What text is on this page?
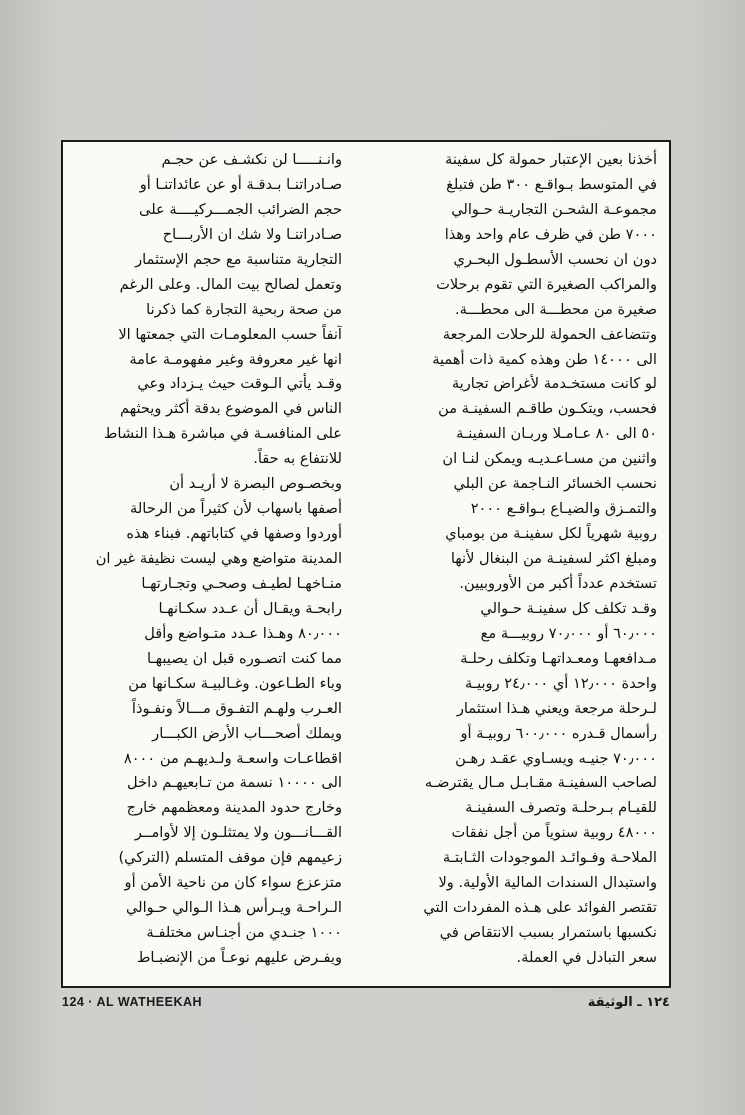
أخذنا بعين الإعتبار حمولة كل سفينة
في المتوسط بـواقـع ٣٠٠ طن فتبلغ
مجموعـة الشحـن التجاريـة حـوالي
٧٠٠٠ طن في ظرف عام واحد وهذا
دون ان نحسب الأسطـول البحـري
والمراكب الصغيرة التي تقوم برحلات
صغيرة من محطـــة الى محطـــة.
وتتضاعف الحمولة للرحلات المرجعة
الى ١٤٠٠٠ طن وهذه كمية ذات أهمية
لو كانت مستخـدمة لأغراض تجارية
فحسب، ويتكـون طاقـم السفينـة من
٥٠ الى ٨٠ عـامـلا وربـان السفينـة
واثنين من مسـاعـديـه ويمكن لنـا ان
نحسب الخسائر النـاجمة عن البلي
والتمـزق والضيـاع بـواقـع ٢٠٠٠
روبية شهرياً لكل سفينـة من بومباي
ومبلغ اكثر لسفينـة من البنغال لأنها
تستخدم عدداً أكبر من الأوروبيين.
وقـد تكلف كل سفينـة حـوالي
٦٠٫٠٠٠ أو ٧٠٫٠٠٠ روبيـــة مع
مـدافعهـا ومعـداتهـا وتكلف رحلـة
واحدة ١٢٫٠٠٠ أي ٢٤٫٠٠٠ روبيـة
لـرحلة مرجعة ويعني هـذا استثمار
رأسمال قـدره ٦٠٠٫٠٠٠ روبيـة أو
٧٠٫٠٠٠ جنيـه ويسـاوي عقـد رهـن
لصاحب السفينـة مقـابـل مـال يقترضـه
للقيـام بـرحلـة وتصرف السفينـة
٤٨٠٠٠ روبية سنوياً من أجل نفقات
الملاحـة وفـوائـد الموجودات الثـابتـة
واستبدال السندات المالية الأولية. ولا
تقتصر الفوائد على هـذه المفردات التي
نكسبها باستمرار بسبب الانتقاص في
سعر التبادل في العملة.
وانـنـــــا لن نكشـف عن حجـم
صـادراتنـا بـدقـة أو عن عائداتنـا أو
حجم الضرائب الجمـــركيــــة على
صـادراتنـا ولا شك ان الأربـــاح
التجارية متناسبة مع حجم الإستثمار
وتعمل لصالح بيت المال. وعلى الرغم
من صحة ربحية التجارة كما ذكرنا
آنفاً حسب المعلومـات التي جمعتها الا
انها غير معروفة وغير مفهومـة عامة
وقـد يأتي الـوقت حيث يـزداد وعي
الناس في الموضوع بدقة أكثر ويحثهم
على المنافسـة في مباشرة هـذا النشاط
للانتفاع به حقاً.
وبخصـوص البصرة لا أريـد أن
أصفها باسهاب لأن كثيراً من الرحالة
أوردوا وصفها في كتاباتهم. فبناء هذه
المدينة متواضع وهي ليست نظيفة غير ان
منـاخهـا لطيـف وصحـي وتجـارتهـا
رابحـة ويقـال أن عـدد سكـانهـا
٨٠٫٠٠٠ وهـذا عـدد متـواضع وأقل
مما كنت اتصـوره قبل ان يصيبهـا
وباء الطـاعون. وغـالبيـة سكـانها من
العـرب ولهـم التفـوق مـــالاً ونفـوذاً
ويملك أصحـــاب الأرض الكبـــار
اقطاعـات واسعـة ولـديهـم من ٨٠٠٠
الى ١٠٠٠٠ نسمة من تـابعيهـم داخل
وخارج حدود المدينة ومعظمهم خارج
القـــانـــون ولا يمتثلـون إلا لأوامــر
زعيمهم فإن موقف المتسلم (التركي)
متزعزع سواء كان من ناحية الأمن أو
الـراحـة ويـرأس هـذا الـوالي حـوالي
١٠٠٠ جنـدي من أجنـاس مختلفـة
ويفـرض عليهم نوعـاً من الإنضبـاط
124 · AL WATHEEKAH	١٢٤ ـ الوثيقة
